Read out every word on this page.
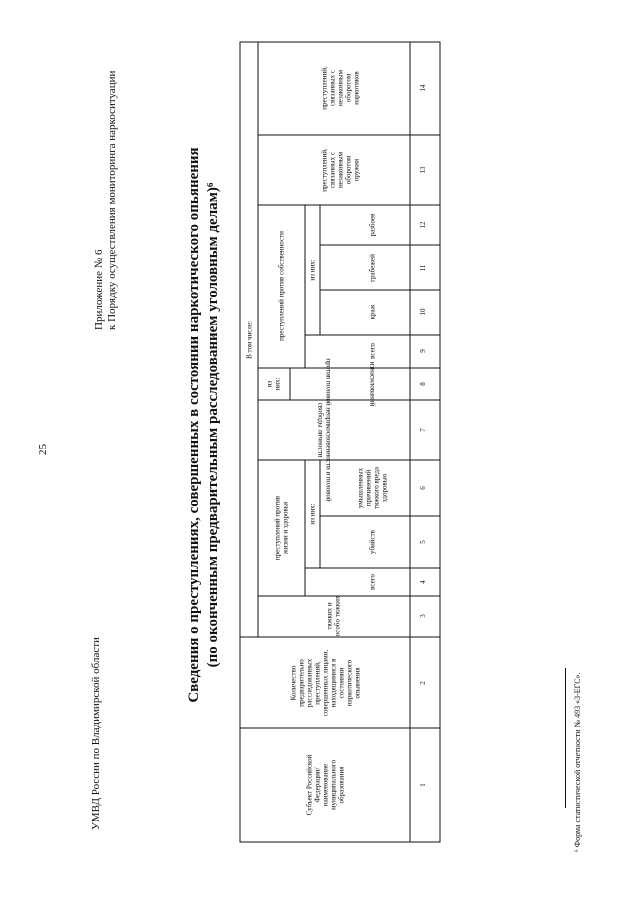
УМВД России по Владимирской области
25
Приложение № 6 к Порядку осуществления мониторинга наркоситуации	Сведения о преступлениях, совершенных в состоянии наркотического опьянения (по оконченным предварительным расследованием уголовным делам)⁶
⁶ Форма статистической отчетности № 493 «3-ЕГС».
Субъект РоссийскойФедерации/наименованиемуниципальногообразования	1
Количествопредварительнорасследованныхпреступлений,совершенных лицами,находящимися всостояниинаркотическогоопьянения	2
тяжких иособо тяжких	3
всего	4
убийств	5
умышленныхпричиненийтяжкого вредаздоровью	6
против половой неприкосновенности и половойсвободы личности	7
изнасилований	8
всего	9
краж	10
грабежей	11
разбоев	12
преступлений,связанных снезаконнымоборотоморужия	13
преступлений,связанных снезаконнымоборотомнаркотиков	14
В том числе:
преступлений противжизни и здоровья	из них:
преступлений против собственности	из них:
изних:
